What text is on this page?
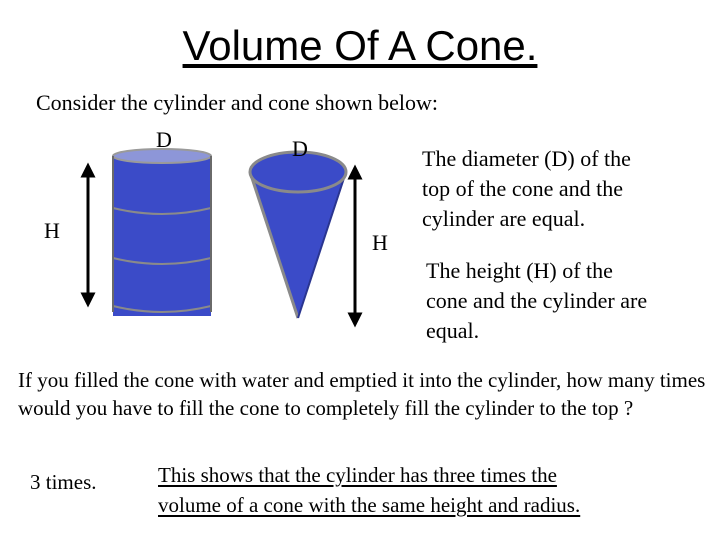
Volume Of A Cone.
Consider the cylinder and cone shown below:
D
H
D
H
The diameter (D) of the
top of the cone and the
cylinder are equal.
The height (H) of the
cone and the cylinder are
equal.
If you filled the cone with water and emptied it into the cylinder, how many times would you have to fill the cone to completely fill the cylinder to the top ?
3 times.	This shows that the cylinder has three times the
volume of a cone with the same height and radius.
